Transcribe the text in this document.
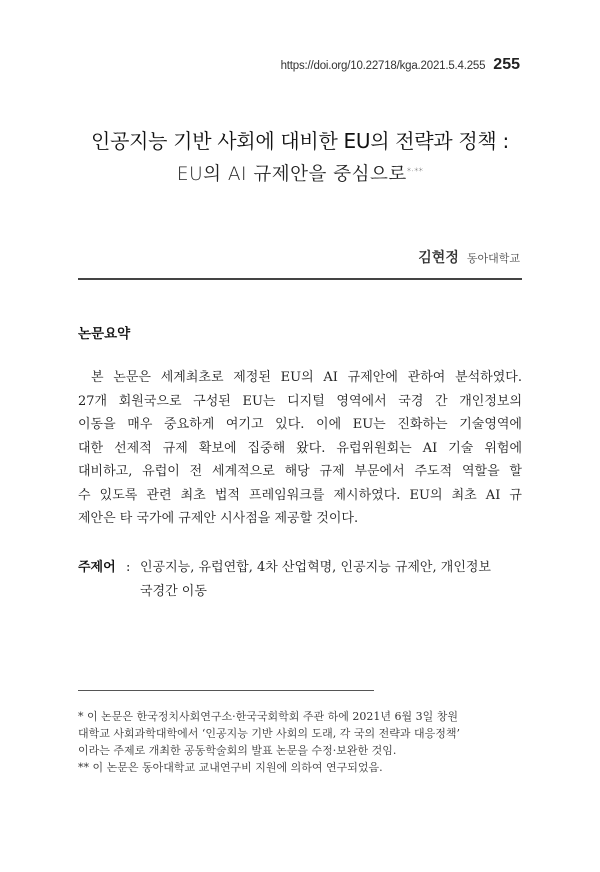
https://doi.org/10.22718/kga.2021.5.4.255 255
인공지능 기반 사회에 대비한 EU의 전략과 정책 :
EU의 AI 규제안을 중심으로*·**
김현정 동아대학교
논문요약
본 논문은 세계최초로 제정된 EU의 AI 규제안에 관하여 분석하였다.
27개 회원국으로 구성된 EU는 디지털 영역에서 국경 간 개인정보의
이동을 매우 중요하게 여기고 있다. 이에 EU는 진화하는 기술영역에
대한 선제적 규제 확보에 집중해 왔다. 유럽위원회는 AI 기술 위험에
대비하고, 유럽이 전 세계적으로 해당 규제 부문에서 주도적 역할을 할
수 있도록 관련 최초 법적 프레임워크를 제시하였다. EU의 최초 AI 규
제안은 타 국가에 규제안 시사점을 제공할 것이다.
주제어 : 인공지능, 유럽연합, 4차 산업혁명, 인공지능 규제안, 개인정보
국경간 이동
* 이 논문은 한국정치사회연구소·한국국회학회 주관 하에 2021년 6월 3일 창원
대학교 사회과학대학에서 ‘인공지능 기반 사회의 도래, 각 국의 전략과 대응정책’
이라는 주제로 개최한 공동학술회의 발표 논문을 수정·보완한 것임.
** 이 논문은 동아대학교 교내연구비 지원에 의하여 연구되었음.
